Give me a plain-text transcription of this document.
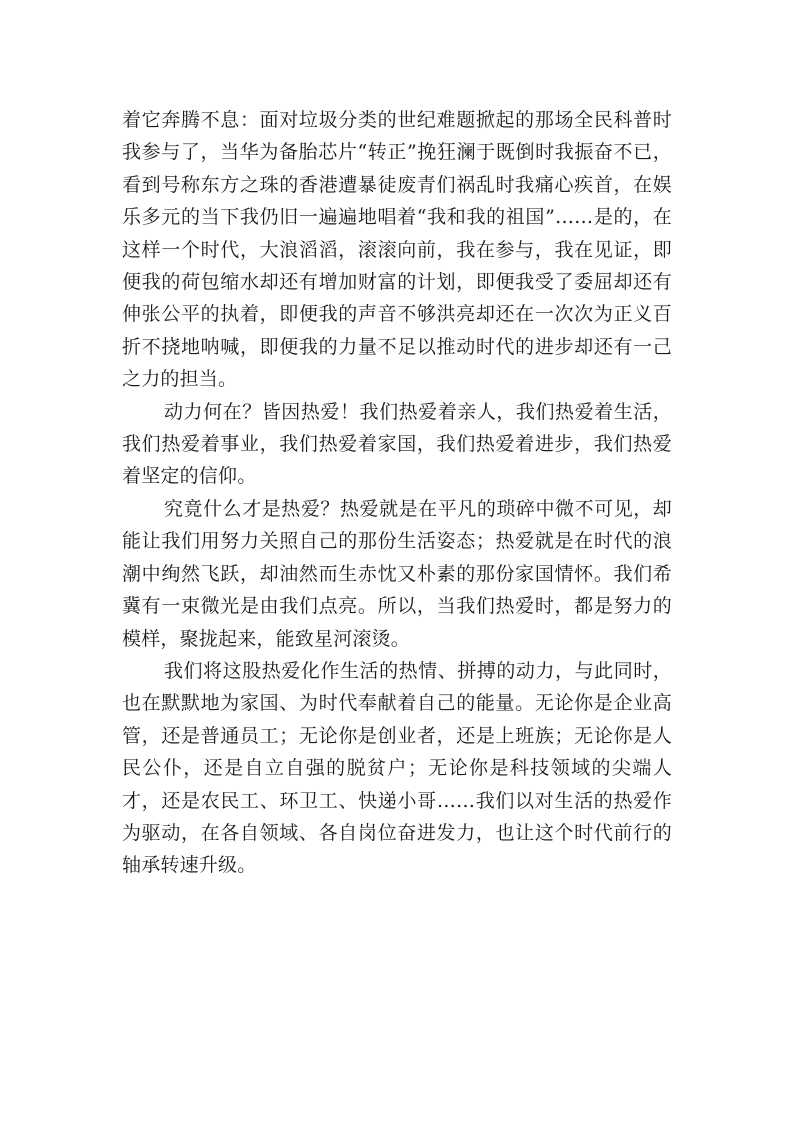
着它奔腾不息：面对垃圾分类的世纪难题掀起的那场全民科普时我参与了，当华为备胎芯片“转正”挽狂澜于既倒时我振奋不已，看到号称东方之珠的香港遭暴徒废青们祸乱时我痛心疾首，在娱乐多元的当下我仍旧一遍遍地唱着“我和我的祖国”……是的，在这样一个时代，大浪滔滔，滚滚向前，我在参与，我在见证，即便我的荷包缩水却还有增加财富的计划，即便我受了委屈却还有伸张公平的执着，即便我的声音不够洪亮却还在一次次为正义百折不挠地呐喊，即便我的力量不足以推动时代的进步却还有一己之力的担当。

动力何在？皆因热爱！我们热爱着亲人，我们热爱着生活，我们热爱着事业，我们热爱着家国，我们热爱着进步，我们热爱着坚定的信仰。

究竟什么才是热爱？热爱就是在平凡的琐碎中微不可见，却能让我们用努力关照自己的那份生活姿态；热爱就是在时代的浪潮中绚然飞跃，却油然而生赤忱又朴素的那份家国情怀。我们希冀有一束微光是由我们点亮。所以，当我们热爱时，都是努力的模样，聚拢起来，能致星河滚烫。

我们将这股热爱化作生活的热情、拼搏的动力，与此同时，也在默默地为家国、为时代奉献着自己的能量。无论你是企业高管，还是普通员工；无论你是创业者，还是上班族；无论你是人民公仆，还是自立自强的脱贫户；无论你是科技领域的尖端人才，还是农民工、环卫工、快递小哥……我们以对生活的热爱作为驱动，在各自领域、各自岗位奋进发力，也让这个时代前行的轴承转速升级。
